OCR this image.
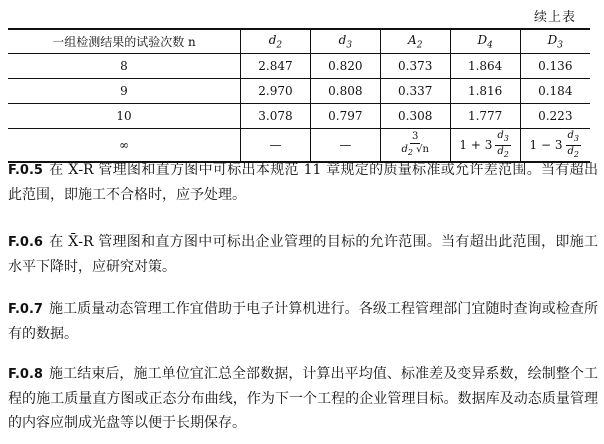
续上表
一组检测结果的试验次数 n	$d_2$	$d_3$	$A_2$	$D_4$	$D_3$
8	2.847	0.820	0.373	1.864	0.136
9	2.970	0.808	0.337	1.816	0.184
10	3.078	0.797	0.308	1.777	0.223
∞	—	—	$\frac{3}{d_2 √n}$	$1 + 3 \frac{d_3}{d_2}$	$1 - 3 \frac{d_3}{d_2}$

F.0.5 在 X̄-R 管理图和直方图中可标出本规范 11 章规定的质量标准或允许差范围。当有超出此范围，即施工不合格时，应予处理。

F.0.6 在 X̄-R 管理图和直方图中可标出企业管理的目标的允许范围。当有超出此范围，即施工水平下降时，应研究对策。

F.0.7 施工质量动态管理工作宜借助于电子计算机进行。各级工程管理部门宜随时查询或检查所有的数据。

F.0.8 施工结束后，施工单位宜汇总全部数据，计算出平均值、标准差及变异系数，绘制整个工程的施工质量直方图或正态分布曲线，作为下一个工程的企业管理目标。数据库及动态质量管理的内容应制成光盘等以便于长期保存。
